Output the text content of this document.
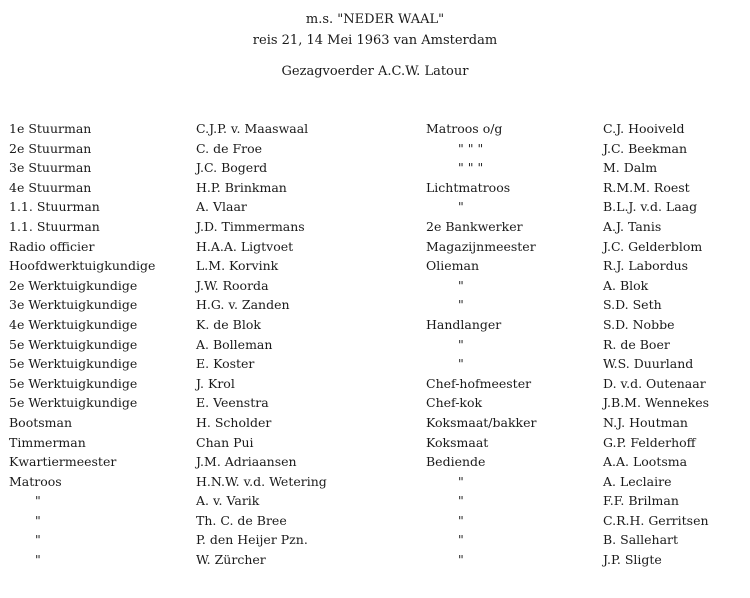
m.s. "NEDER WAAL"
reis 21, 14 Mei 1963 van Amsterdam
Gezagvoerder A.C.W. Latour
1e Stuurman
2e Stuurman
3e Stuurman
4e Stuurman
1.1. Stuurman
1.1. Stuurman
Radio officier
Hoofdwerktuigkundige
2e Werktuigkundige
3e Werktuigkundige
4e Werktuigkundige
5e Werktuigkundige
5e Werktuigkundige
5e Werktuigkundige
5e Werktuigkundige
Bootsman
Timmerman
Kwartiermeester
Matroos
"
"
"
"
C.J.P. v. Maaswaal
C. de Froe
J.C. Bogerd
H.P. Brinkman
A. Vlaar
J.D. Timmermans
H.A.A. Ligtvoet
L.M. Korvink
J.W. Roorda
H.G. v. Zanden
K. de Blok
A. Bolleman
E. Koster
J. Krol
E. Veenstra
H. Scholder
Chan Pui
J.M. Adriaansen
H.N.W. v.d. Wetering
A. v. Varik
Th. C. de Bree
P. den Heijer Pzn.
W. Zürcher
Matroos o/g
" " "
" " "
Lichtmatroos
"
2e Bankwerker
Magazijnmeester
Olieman
"
"
Handlanger
"
"
Chef-hofmeester
Chef-kok
Koksmaat/bakker
Koksmaat
Bediende
"
"
"
"
"
C.J. Hooiveld
J.C. Beekman
M. Dalm
R.M.M. Roest
B.L.J. v.d. Laag
A.J. Tanis
J.C. Gelderblom
R.J. Labordus
A. Blok
S.D. Seth
S.D. Nobbe
R. de Boer
W.S. Duurland
D. v.d. Outenaar
J.B.M. Wennekes
N.J. Houtman
G.P. Felderhoff
A.A. Lootsma
A. Leclaire
F.F. Brilman
C.R.H. Gerritsen
B. Sallehart
J.P. Sligte
